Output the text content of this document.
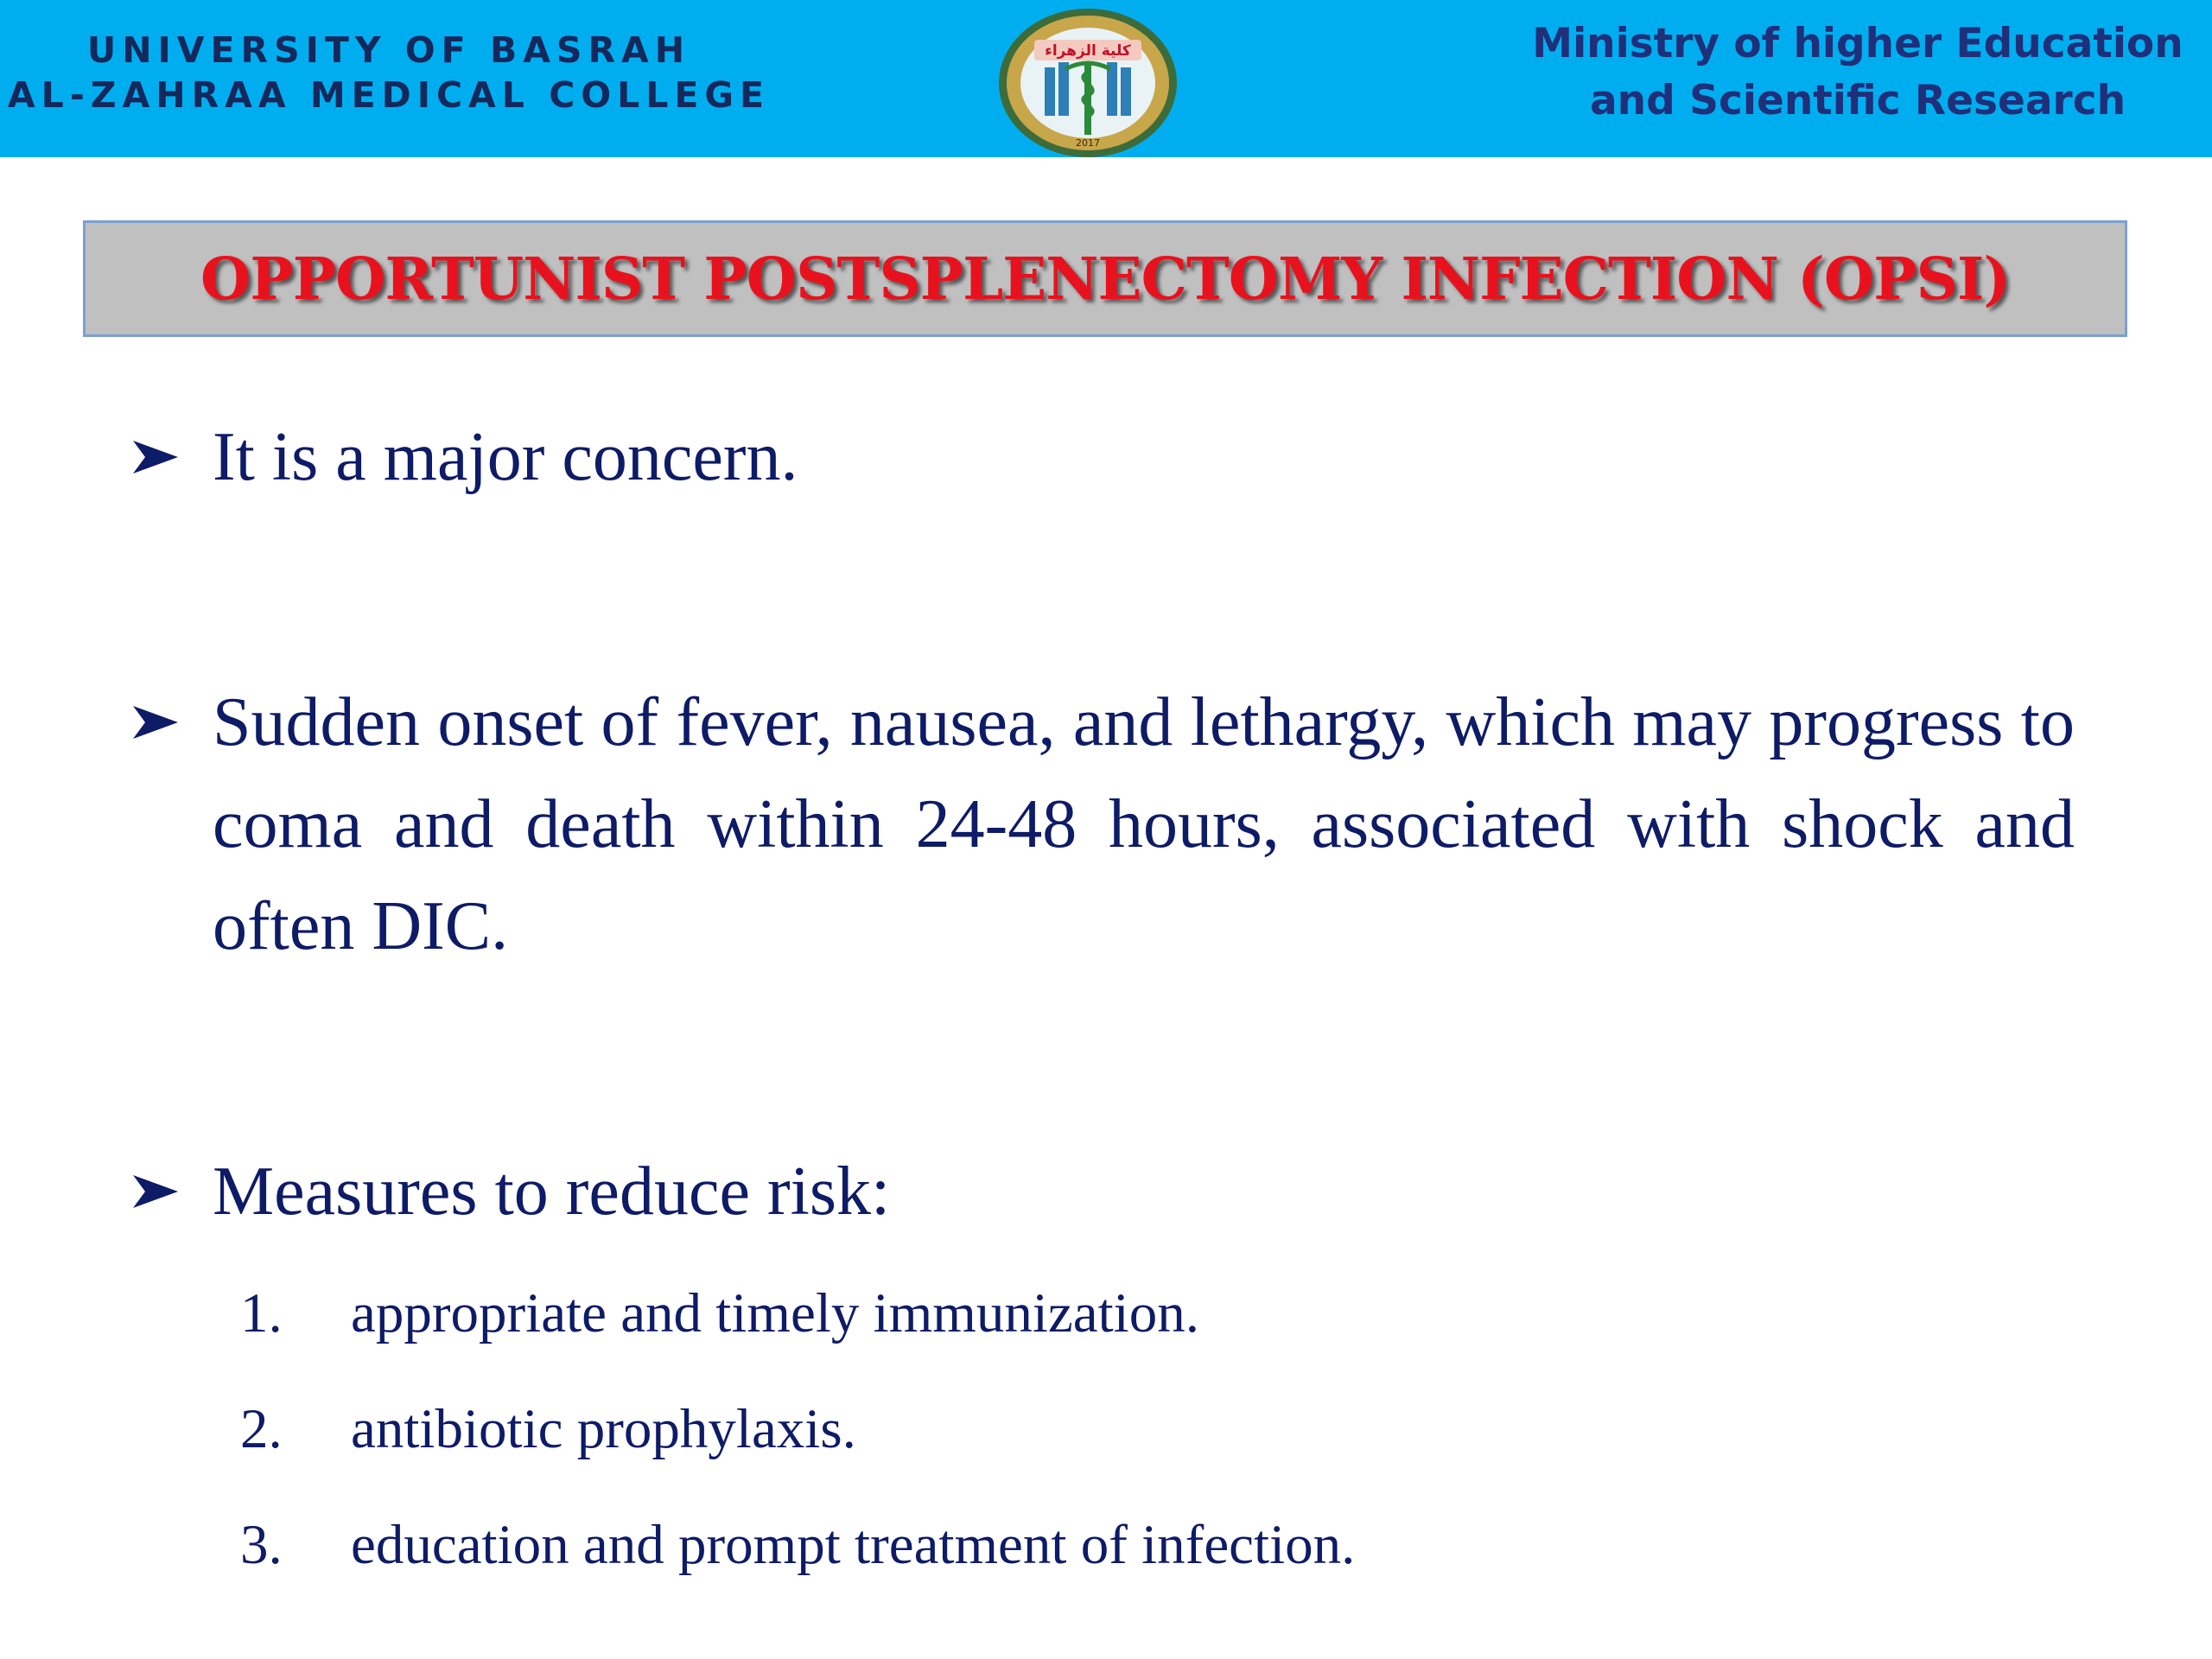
UNIVERSITY OF BASRAH
AL-ZAHRAA MEDICAL COLLEGE
كلية الزهراء
2017
Ministry of higher Education
and Scientific Research
OPPORTUNIST POSTSPLENECTOMY INFECTION (OPSI)
It is a major concern.
Sudden onset of fever, nausea, and lethargy, which may progress to coma and death within 24-48 hours, associated with shock and often DIC.
Measures to reduce risk:
1.	appropriate and timely immunization.
2.	antibiotic prophylaxis.
3.	education and prompt treatment of infection.
